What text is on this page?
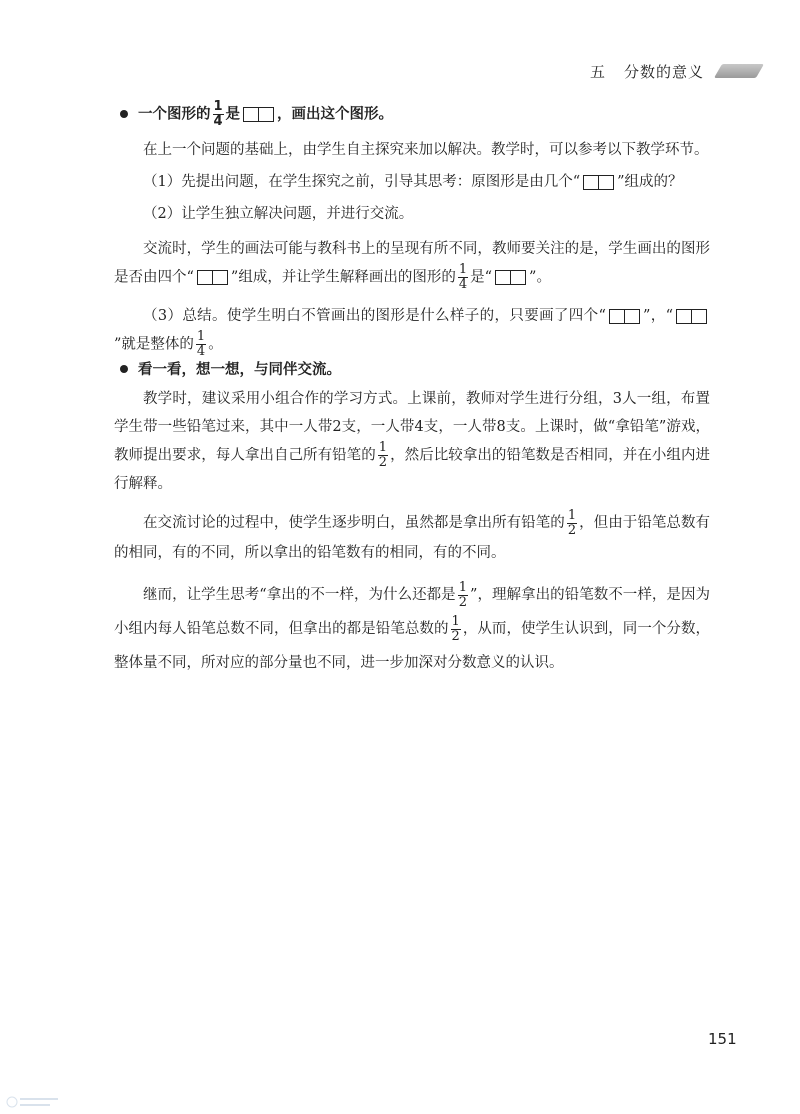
五 分数的意义

一个图形的 $\frac{1}{4}$ 是	，画出这个图形。

在上一个问题的基础上，由学生自主探究来加以解决。教学时，可以参考以下教学环节。

（1）先提出问题，在学生探究之前，引导其思考：原图形是由几个“	”组成的？

（2）让学生独立解决问题，并进行交流。

交流时，学生的画法可能与教科书上的呈现有所不同，教师要关注的是，学生画出的图形是否由四个“	”组成，并让学生解释画出的图形的 $\frac{1}{4}$ 是“	”。

（3）总结。使学生明白不管画出的图形是什么样子的，只要画了四个“	”，“
”就是整体的 $\frac{1}{4}$ 。

看一看，想一想，与同伴交流。

教学时，建议采用小组合作的学习方式。上课前，教师对学生进行分组，3人一组，布置学生带一些铅笔过来，其中一人带2支，一人带4支，一人带8支。上课时，做“拿铅笔”游戏，教师提出要求，每人拿出自己所有铅笔的 $\frac{1}{2}$ ，然后比较拿出的铅笔数是否相同，并在小组内进行解释。

在交流讨论的过程中，使学生逐步明白，虽然都是拿出所有铅笔的 $\frac{1}{2}$ ，但由于铅笔总数有的相同，有的不同，所以拿出的铅笔数有的相同，有的不同。

继而，让学生思考“拿出的不一样，为什么还都是 $\frac{1}{2}$ ”，理解拿出的铅笔数不一样，是因为小组内每人铅笔总数不同，但拿出的都是铅笔总数的 $\frac{1}{2}$ ，从而，使学生认识到，同一个分数，整体量不同，所对应的部分量也不同，进一步加深对分数意义的认识。

151
